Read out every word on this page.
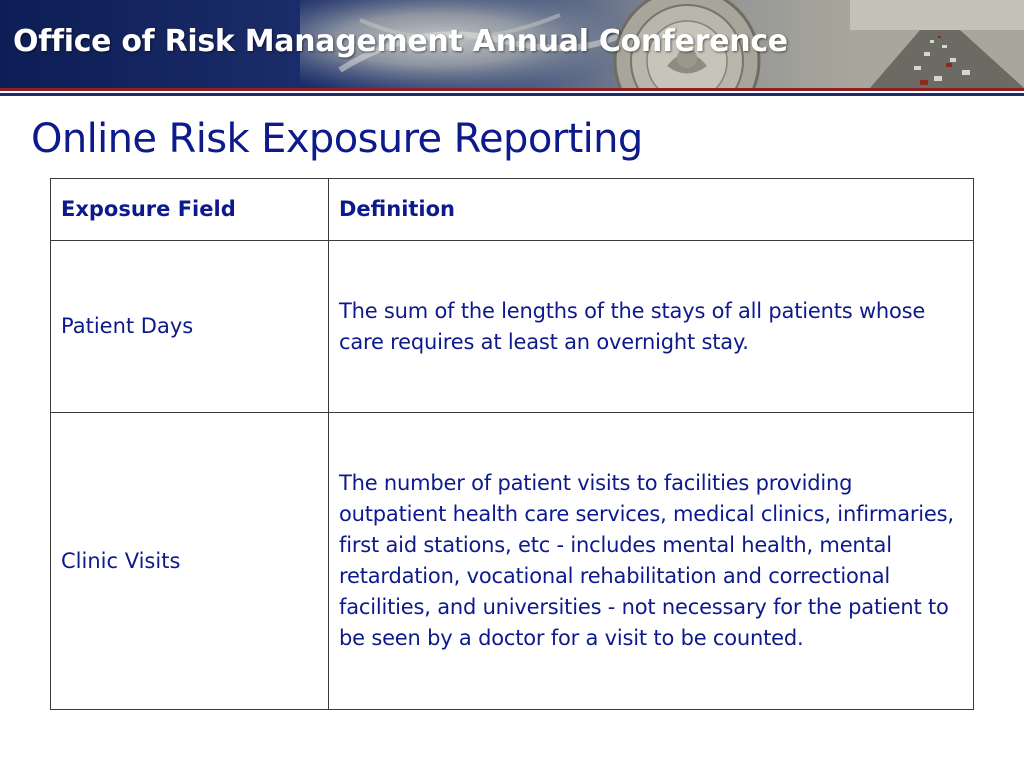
Office of Risk Management Annual Conference
Online Risk Exposure Reporting
Exposure Field	Definition
Patient Days	The sum of the lengths of the stays of all patients whose care requires at least an overnight stay.
Clinic Visits	The number of patient visits to facilities providing outpatient health care services, medical clinics, infirmaries, first aid stations, etc - includes mental health, mental retardation, vocational rehabilitation and correctional facilities, and universities - not necessary for the patient to be seen by a doctor for a visit to be counted.
